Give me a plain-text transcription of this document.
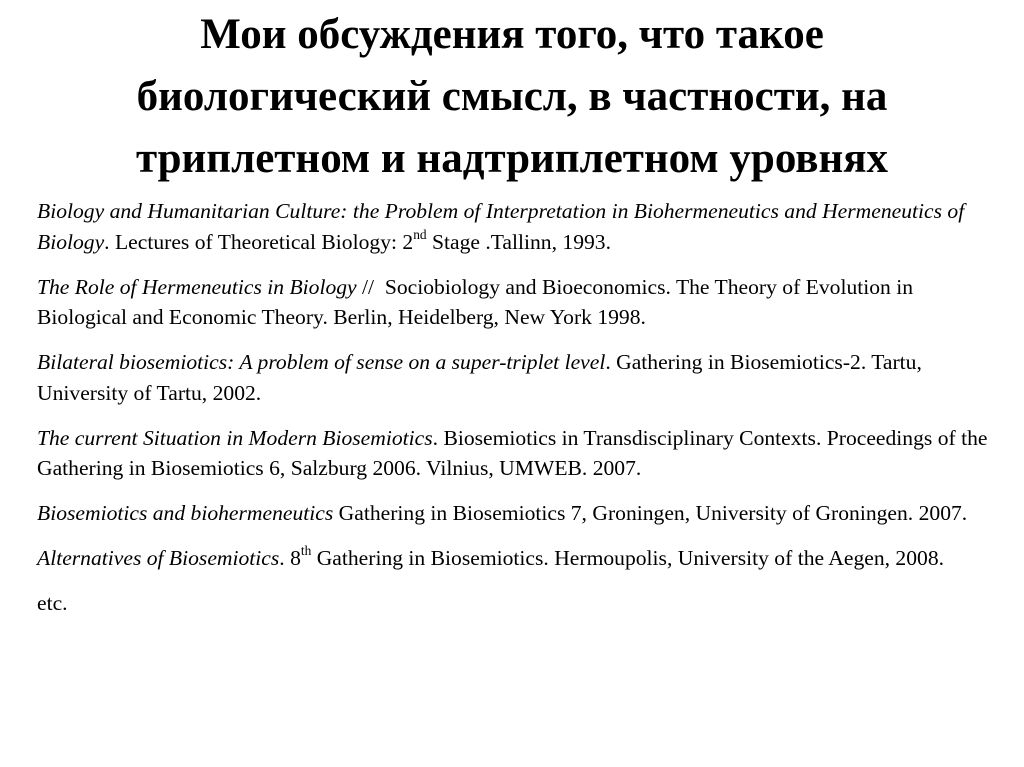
Мои обсуждения того, что такое
биологический смысл, в частности, на
триплетном и надтриплетном уровнях
Biology and Humanitarian Culture: the Problem of Interpretation in Biohermeneutics and Hermeneutics of Biology. Lectures of Theoretical Biology: 2nd Stage .Tallinn, 1993.
The Role of Hermeneutics in Biology //  Sociobiology and Bioeconomics. The Theory of Evolution in Biological and Economic Theory. Berlin, Heidelberg, New York 1998.
Bilateral biosemiotics: A problem of sense on a super-triplet level. Gathering in Biosemiotics-2. Tartu, University of Tartu, 2002.
The current Situation in Modern Biosemiotics. Biosemiotics in Transdisciplinary Contexts. Proceedings of the Gathering in Biosemiotics 6, Salzburg 2006. Vilnius, UMWEB. 2007.
Biosemiotics and biohermeneutics Gathering in Biosemiotics 7, Groningen, University of Groningen. 2007.
Alternatives of Biosemiotics. 8th Gathering in Biosemiotics. Hermoupolis, University of the Aegen, 2008.
etc.
